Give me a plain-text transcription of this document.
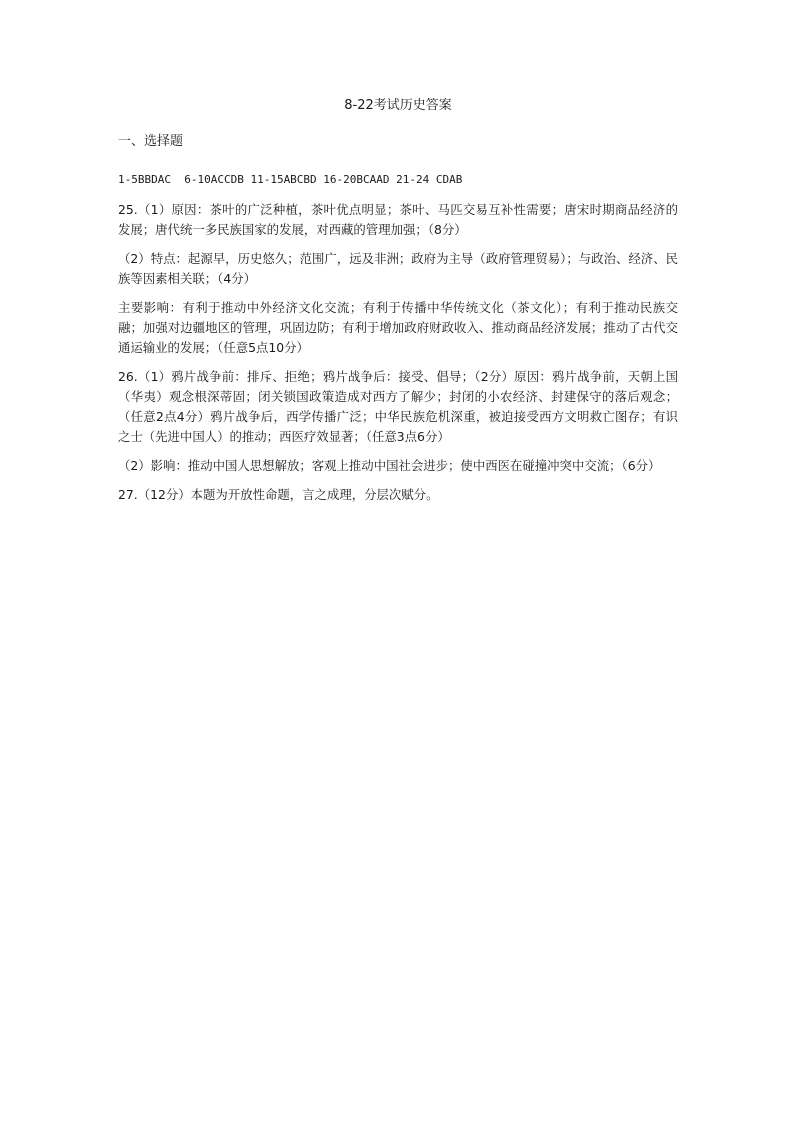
8-22考试历史答案
一、选择题
1-5BBDAC  6-10ACCDB 11-15ABCBD 16-20BCAAD 21-24 CDAB

25.（1）原因：茶叶的广泛种植，茶叶优点明显；茶叶、马匹交易互补性需要；唐宋时期商品经济的发展；唐代统一多民族国家的发展，对西藏的管理加强；（8分）

（2）特点：起源早，历史悠久；范围广，远及非洲；政府为主导（政府管理贸易）；与政治、经济、民族等因素相关联；（4分）

主要影响：有利于推动中外经济文化交流；有利于传播中华传统文化（茶文化）；有利于推动民族交融；加强对边疆地区的管理，巩固边防；有利于增加政府财政收入、推动商品经济发展；推动了古代交通运输业的发展；（任意5点10分）

26.（1）鸦片战争前：排斥、拒绝；鸦片战争后：接受、倡导；（2分）原因：鸦片战争前，天朝上国（华夷）观念根深蒂固；闭关锁国政策造成对西方了解少；封闭的小农经济、封建保守的落后观念；（任意2点4分）鸦片战争后，西学传播广泛；中华民族危机深重，被迫接受西方文明救亡图存；有识之士（先进中国人）的推动；西医疗效显著；（任意3点6分）

（2）影响：推动中国人思想解放；客观上推动中国社会进步；使中西医在碰撞冲突中交流；（6分）

27.（12分）本题为开放性命题，言之成理，分层次赋分。
